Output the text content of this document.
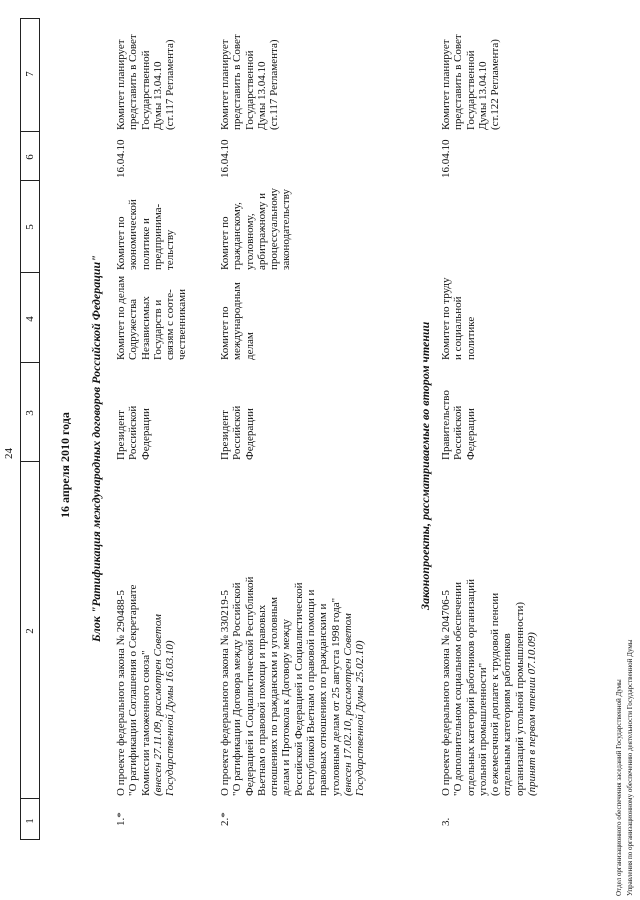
24
1
2
3
4
5
6
7
16 апреля 2010 года Блок "Ратификация международных договоров Российской Федерации"
1.*
О проекте федерального закона № 290488-5 "О ратификации Соглашения о Секретариате Комиссии таможенного союза" (внесен 27.11.09, рассмотрен Советом Государственной Думы 16.03.10)
Президент Российской Федерации
Комитет по делам Содружества Независимых Государств и связям с соотe- чественниками
Комитет по экономической политике и предпринима- тельству
16.04.10
Комитет планирует представить в Совет Государственной Думы 13.04.10 (ст.117 Регламента)
2.*
О проекте федерального закона № 330219-5 "О ратификации Договора между Российской Федерацией и Социалистической Республикой Вьетнам о правовой помощи и правовых отношениях по гражданским и уголовным делам и Протокола к Договору между Российской Федерацией и Социалистической Республикой Вьетнам о правовой помощи и правовых отношениях по гражданским и уголовным делам от 25 августа 1998 года" (внесен 17.02.10, рассмотрен Советом Государственной Думы 25.02.10)
Президент Российской Федерации
Комитет по международным делам
Комитет по гражданскому, уголовному, арбитражному и процессуальному законодательству
16.04.10
Комитет планирует представить в Совет Государственной Думы 13.04.10 (ст.117 Регламента)
Законопроекты, рассматриваемые во втором чтении
3.
О проекте федерального закона № 204706-5 "О дополнительном социальном обеспечении отдельных категорий работников организаций угольной промышленности" (о ежемесячной доплате к трудовой пенсии отдельным категориям работников организаций угольной промышленности) (принят в первом чтении 07.10.09)
Правительство Российской Федерации
Комитет по труду и социальной политике
16.04.10
Комитет планирует представить в Совет Государственной Думы 13.04.10 (ст.122 Регламента)
Отдел организационного обеспечения заседаний Государственной Думы Управления по организационному обеспечению деятельности Государственной Думы
